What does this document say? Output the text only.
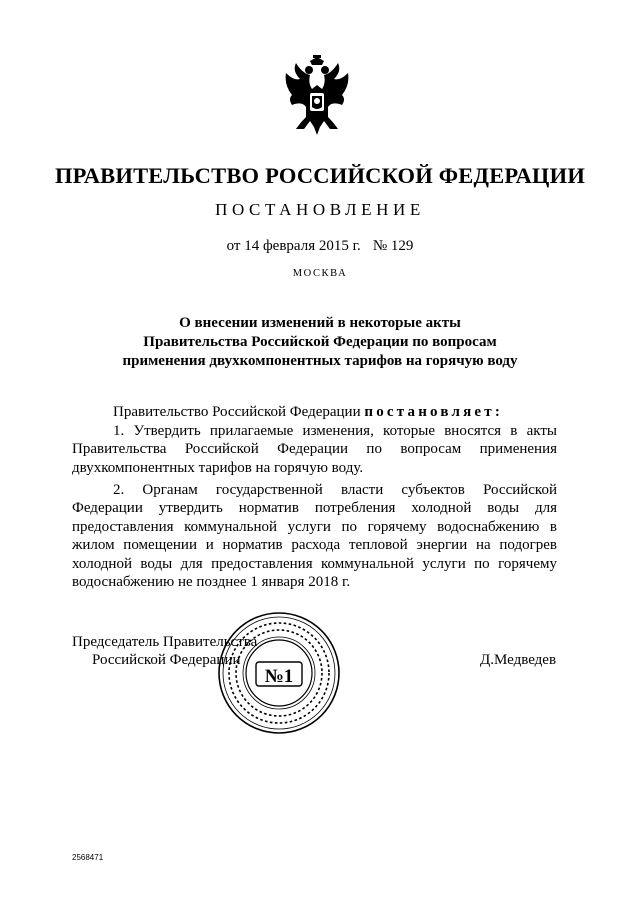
ПРАВИТЕЛЬСТВО РОССИЙСКОЙ ФЕДЕРАЦИИ
ПОСТАНОВЛЕНИЕ
от 14 февраля 2015 г. № 129
МОСКВА
О внесении изменений в некоторые акты
Правительства Российской Федерации по вопросам
применения двухкомпонентных тарифов на горячую воду
Правительство Российской Федерации постановляет:
1. Утвердить прилагаемые изменения, которые вносятся в акты Правительства Российской Федерации по вопросам применения двухкомпонентных тарифов на горячую воду.
2. Органам государственной власти субъектов Российской Федерации утвердить норматив потребления холодной воды для предоставления коммунальной услуги по горячему водоснабжению в жилом помещении и норматив расхода тепловой энергии на подогрев холодной воды для предоставления коммунальной услуги по горячему водоснабжению не позднее 1 января 2018 г.
Председатель Правительства
Российской Федерации	Д.Медведев
№1
2568471
